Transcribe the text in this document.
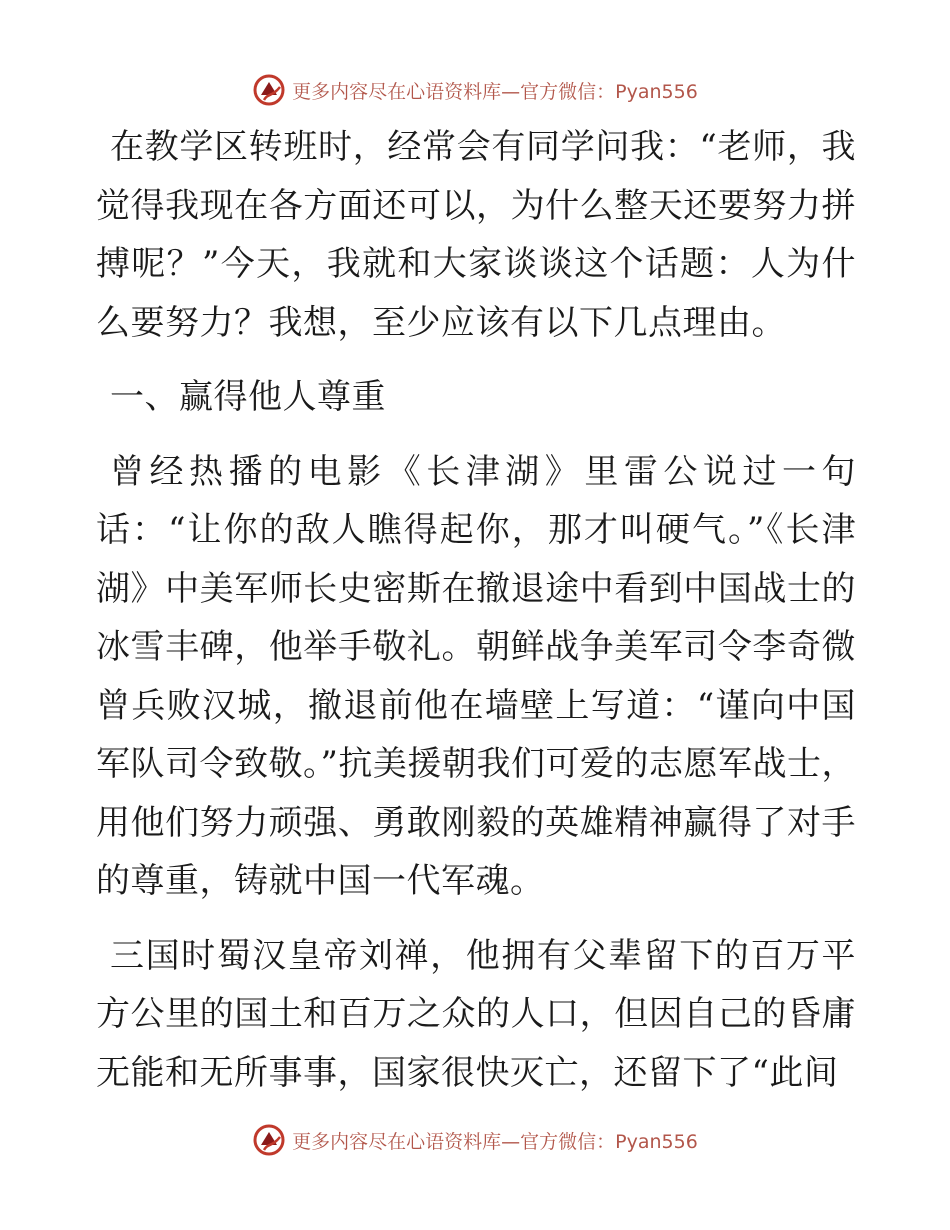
更多内容尽在心语资料库—官方微信：Pyan556

在教学区转班时，经常会有同学问我：“老师，我觉得我现在各方面还可以，为什么整天还要努力拼搏呢？”今天，我就和大家谈谈这个话题：人为什么要努力？我想，至少应该有以下几点理由。

一、赢得他人尊重

曾经热播的电影《长津湖》里雷公说过一句话：“让你的敌人瞧得起你，那才叫硬气。”《长津湖》中美军师长史密斯在撤退途中看到中国战士的冰雪丰碑，他举手敬礼。朝鲜战争美军司令李奇微曾兵败汉城，撤退前他在墙壁上写道：“谨向中国军队司令致敬。”抗美援朝我们可爱的志愿军战士，用他们努力顽强、勇敢刚毅的英雄精神赢得了对手的尊重，铸就中国一代军魂。

三国时蜀汉皇帝刘禅，他拥有父辈留下的百万平方公里的国土和百万之众的人口，但因自己的昏庸无能和无所事事，国家很快灭亡，还留下了“此间

更多内容尽在心语资料库—官方微信：Pyan556
